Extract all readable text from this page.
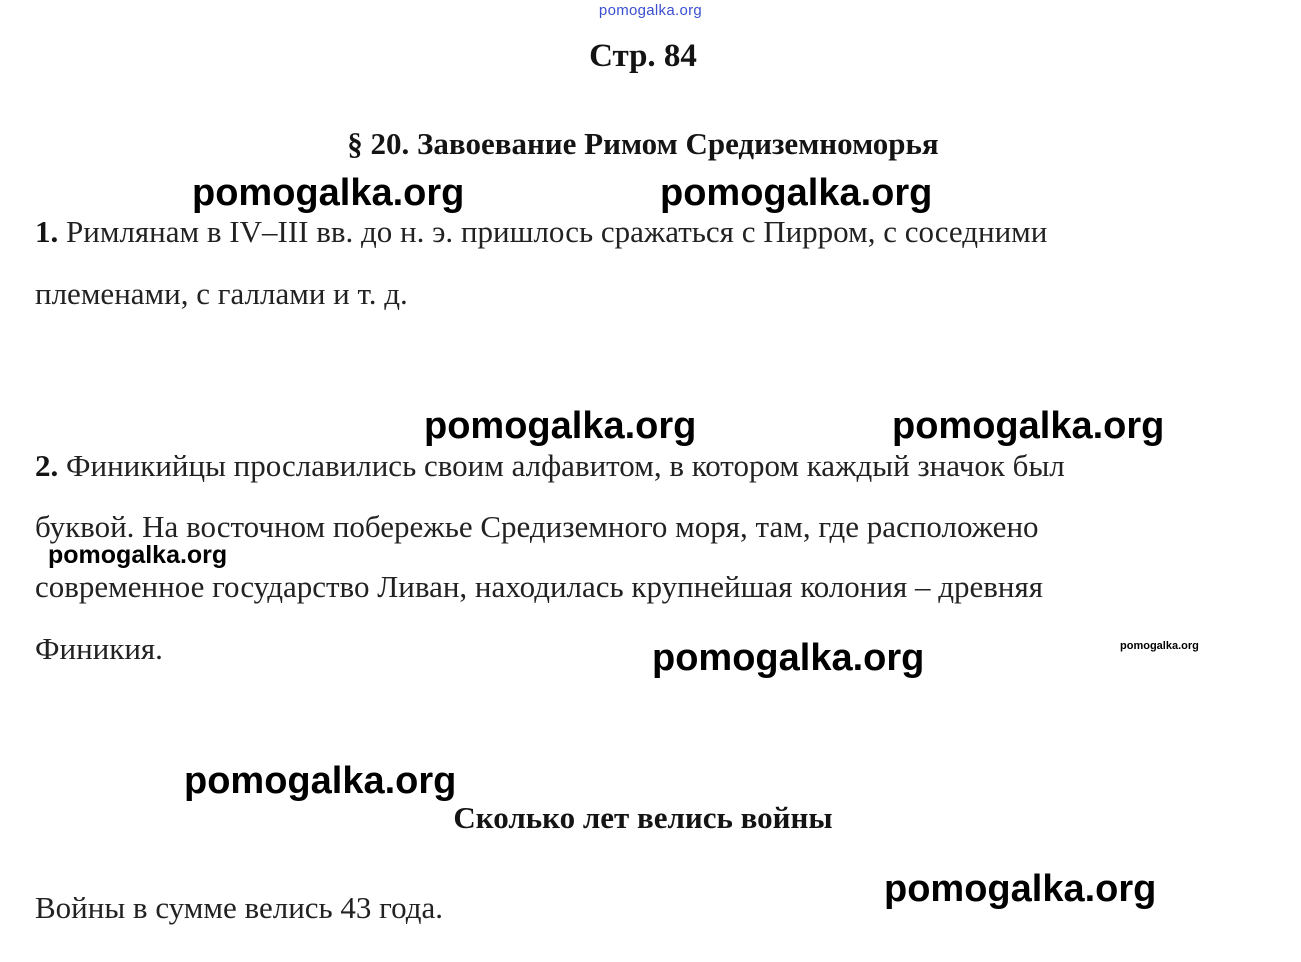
pomogalka.org
Стр. 84
§ 20. Завоевание Римом Средиземноморья
1. Римлянам в IV–III вв. до н. э. пришлось сражаться с Пирром, с соседними
племенами, с галлами и т. д.
2. Финикийцы прославились своим алфавитом, в котором каждый значок был
буквой. На восточном побережье Средиземного моря, там, где расположено
современное государство Ливан, находилась крупнейшая колония – древняя
Финикия.
Сколько лет велись войны
Войны в сумме велись 43 года.
pomogalka.org	pomogalka.org
pomogalka.org	pomogalka.org
pomogalka.org
pomogalka.org	pomogalka.org
pomogalka.org
pomogalka.org
